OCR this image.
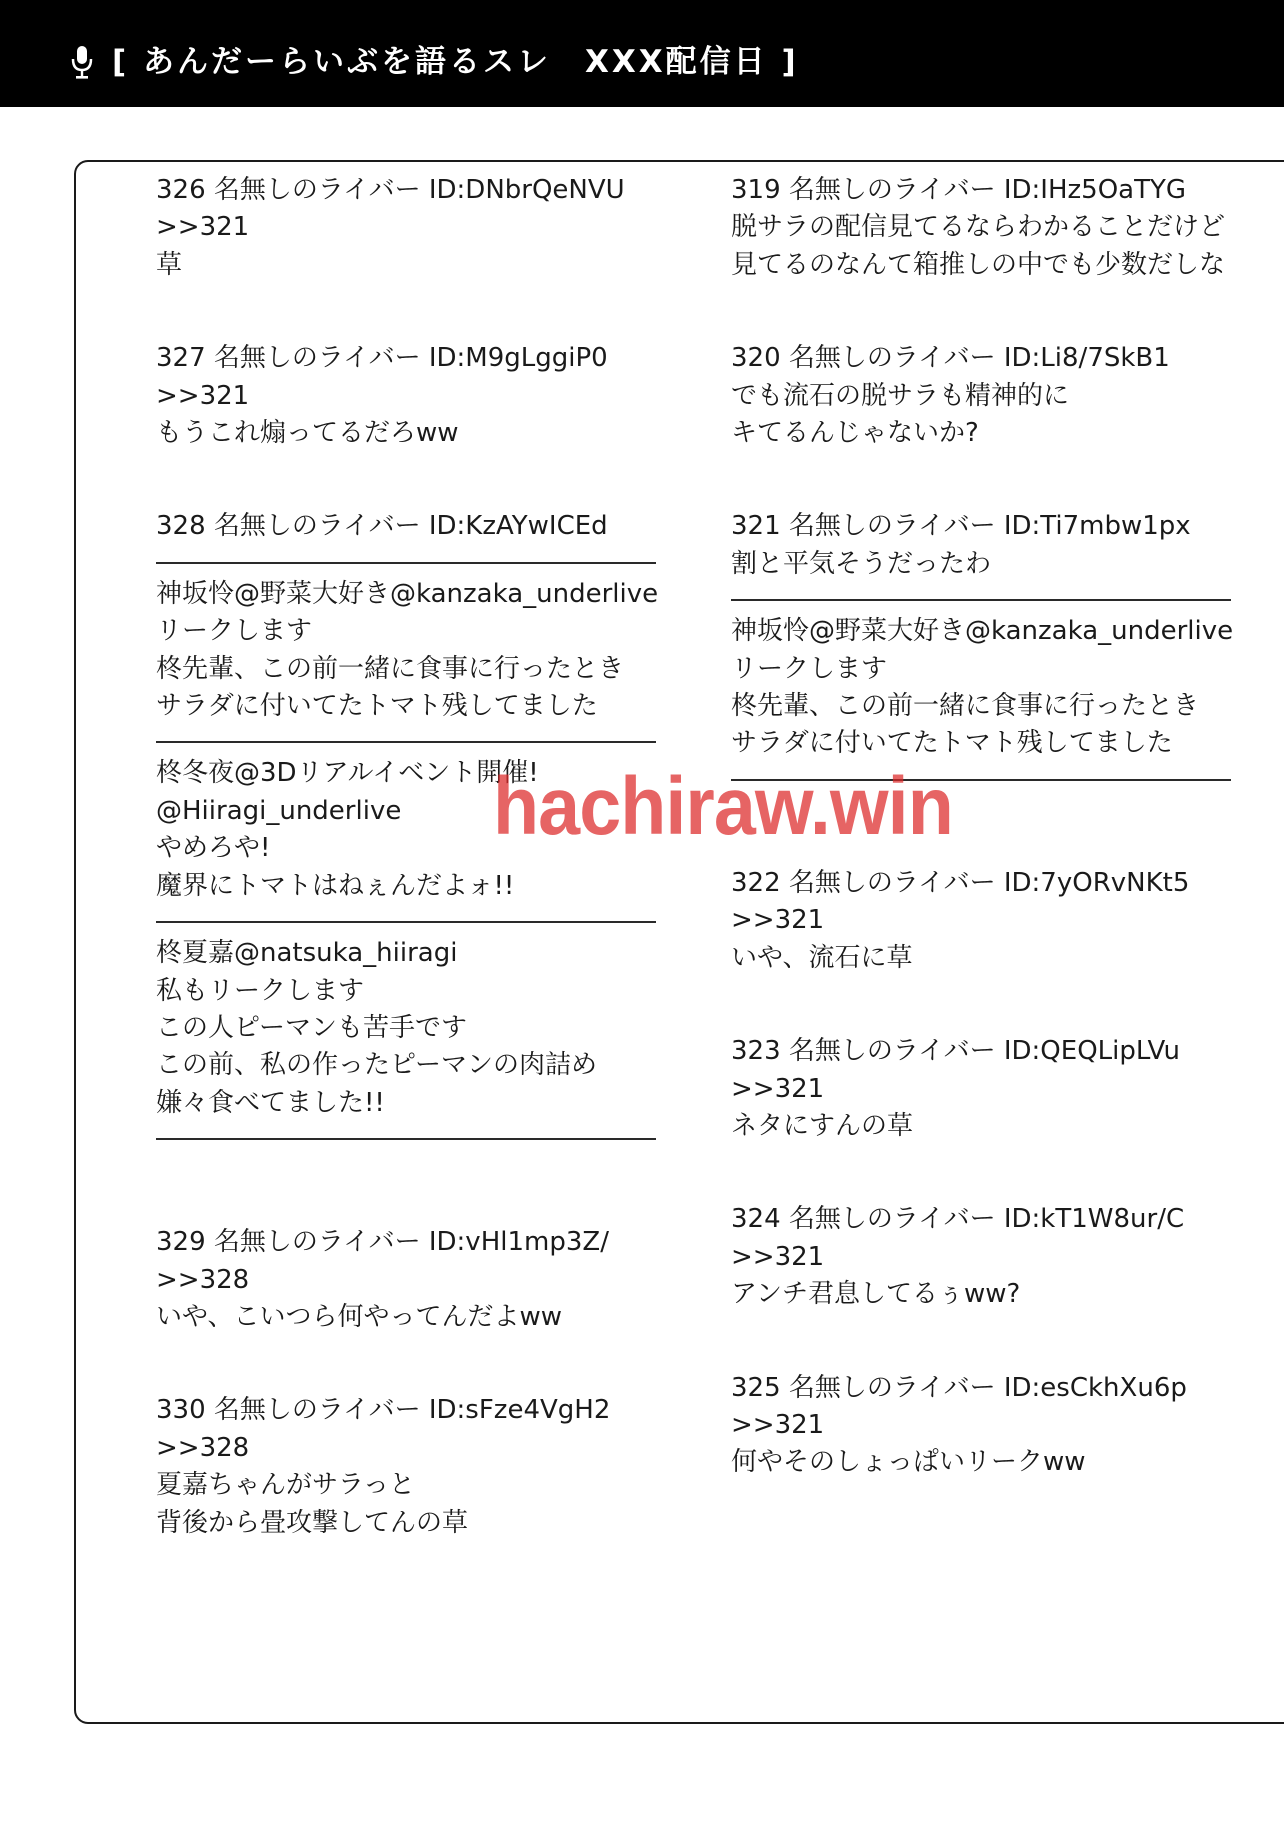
[ あんだーらいぶを語るスレ　XXX配信日 ]
326 名無しのライバー ID:DNbrQeNVU
>>321
草
327 名無しのライバー ID:M9gLggiP0
>>321
もうこれ煽ってるだろww
328 名無しのライバー ID:KzAYwICEd
神坂怜@野菜大好き@kanzaka_underlive
リークします
柊先輩、この前一緒に食事に行ったとき
サラダに付いてたトマト残してました
柊冬夜@3Dリアルイベント開催!
@Hiiragi_underlive
やめろや!
魔界にトマトはねぇんだよォ!!
柊夏嘉@natsuka_hiiragi
私もリークします
この人ピーマンも苦手です
この前、私の作ったピーマンの肉詰め
嫌々食べてました!!
329 名無しのライバー ID:vHl1mp3Z/
>>328
いや、こいつら何やってんだよww
330 名無しのライバー ID:sFze4VgH2
>>328
夏嘉ちゃんがサラっと
背後から畳攻撃してんの草
319 名無しのライバー ID:IHz5OaTYG
脱サラの配信見てるならわかることだけど
見てるのなんて箱推しの中でも少数だしな
320 名無しのライバー ID:Li8/7SkB1
でも流石の脱サラも精神的に
キてるんじゃないか?
321 名無しのライバー ID:Ti7mbw1px
割と平気そうだったわ
神坂怜@野菜大好き@kanzaka_underlive
リークします
柊先輩、この前一緒に食事に行ったとき
サラダに付いてたトマト残してました
322 名無しのライバー ID:7yORvNKt5
>>321
いや、流石に草
323 名無しのライバー ID:QEQLipLVu
>>321
ネタにすんの草
324 名無しのライバー ID:kT1W8ur/C
>>321
アンチ君息してるぅww?
325 名無しのライバー ID:esCkhXu6p
>>321
何やそのしょっぱいリークww
hachiraw.win
